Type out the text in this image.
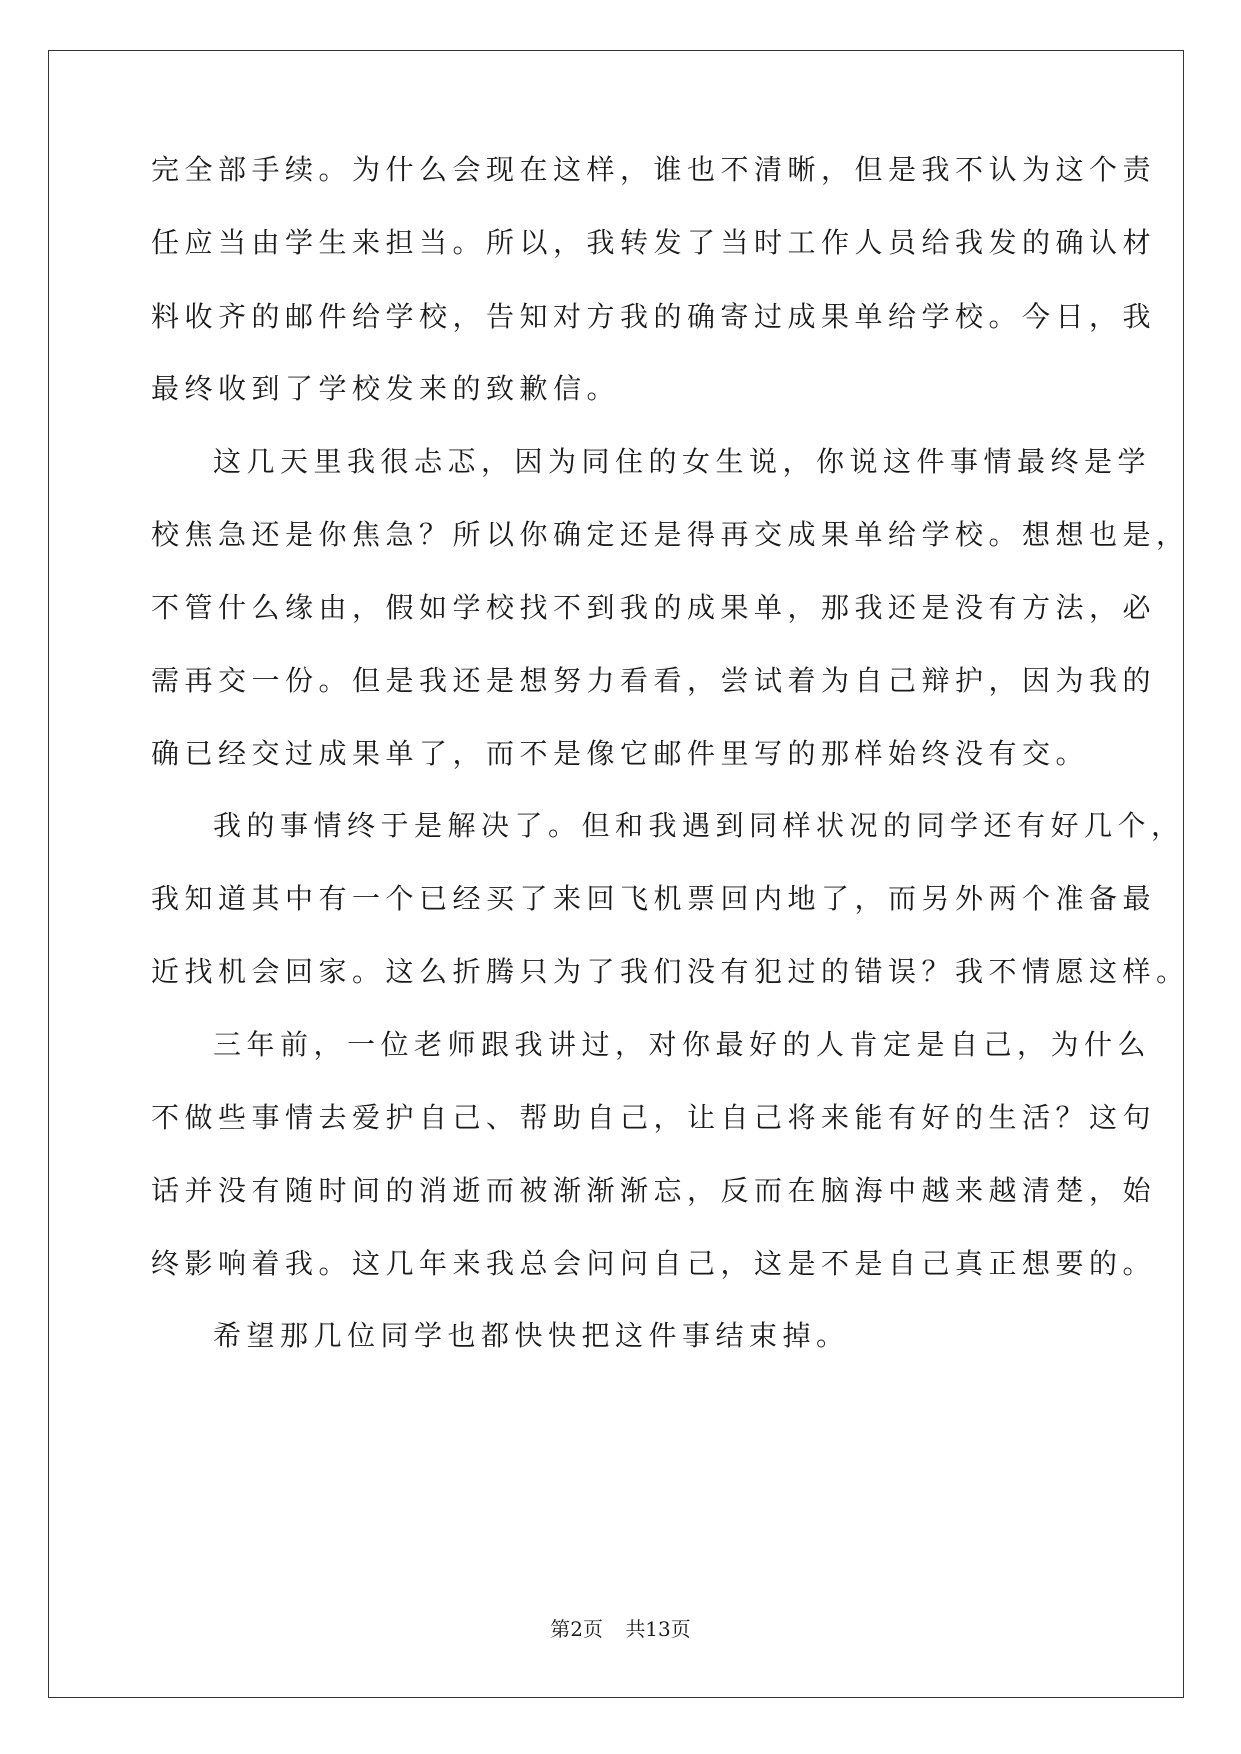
完全部手续。为什么会现在这样，谁也不清晰，但是我不认为这个责
任应当由学生来担当。所以，我转发了当时工作人员给我发的确认材
料收齐的邮件给学校，告知对方我的确寄过成果单给学校。今日，我
最终收到了学校发来的致歉信。
这几天里我很忐忑，因为同住的女生说，你说这件事情最终是学
校焦急还是你焦急？所以你确定还是得再交成果单给学校。想想也是，
不管什么缘由，假如学校找不到我的成果单，那我还是没有方法，必
需再交一份。但是我还是想努力看看，尝试着为自己辩护，因为我的
确已经交过成果单了，而不是像它邮件里写的那样始终没有交。
我的事情终于是解决了。但和我遇到同样状况的同学还有好几个，
我知道其中有一个已经买了来回飞机票回内地了，而另外两个准备最
近找机会回家。这么折腾只为了我们没有犯过的错误？我不情愿这样。
三年前，一位老师跟我讲过，对你最好的人肯定是自己，为什么
不做些事情去爱护自己、帮助自己，让自己将来能有好的生活？这句
话并没有随时间的消逝而被渐渐渐忘，反而在脑海中越来越清楚，始
终影响着我。这几年来我总会问问自己，这是不是自己真正想要的。
希望那几位同学也都快快把这件事结束掉。
第2页 共13页
